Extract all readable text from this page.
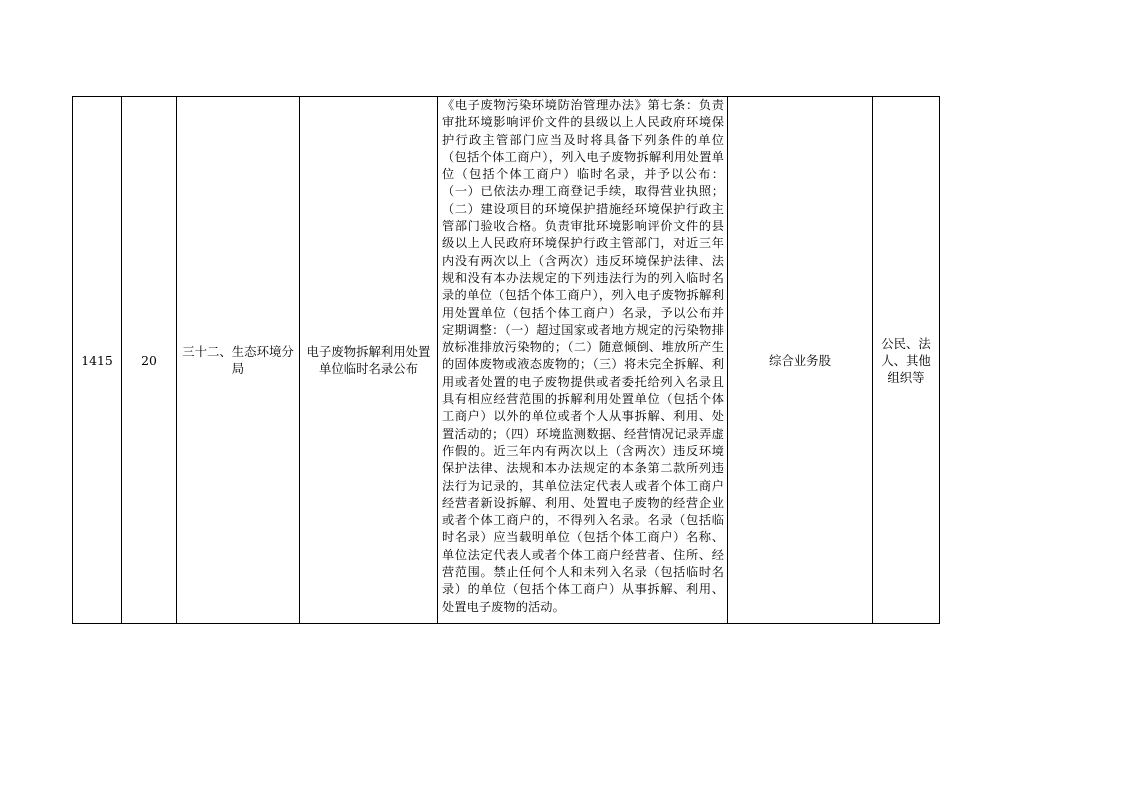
1415	20	三十二、生态环境分局	电子废物拆解利用处置单位临时名录公布	《电子废物污染环境防治管理办法》第七条：负责审批环境影响评价文件的县级以上人民政府环境保护行政主管部门应当及时将具备下列条件的单位（包括个体工商户），列入电子废物拆解利用处置单位（包括个体工商户）临时名录，并予以公布：（一）已依法办理工商登记手续，取得营业执照；（二）建设项目的环境保护措施经环境保护行政主管部门验收合格。负责审批环境影响评价文件的县级以上人民政府环境保护行政主管部门，对近三年内没有两次以上（含两次）违反环境保护法律、法规和没有本办法规定的下列违法行为的列入临时名录的单位（包括个体工商户），列入电子废物拆解利用处置单位（包括个体工商户）名录，予以公布并定期调整：（一）超过国家或者地方规定的污染物排放标准排放污染物的；（二）随意倾倒、堆放所产生的固体废物或液态废物的；（三）将未完全拆解、利用或者处置的电子废物提供或者委托给列入名录且具有相应经营范围的拆解利用处置单位（包括个体工商户）以外的单位或者个人从事拆解、利用、处置活动的；（四）环境监测数据、经营情况记录弄虚作假的。近三年内有两次以上（含两次）违反环境保护法律、法规和本办法规定的本条第二款所列违法行为记录的，其单位法定代表人或者个体工商户经营者新设拆解、利用、处置电子废物的经营企业或者个体工商户的，不得列入名录。名录（包括临时名录）应当载明单位（包括个体工商户）名称、单位法定代表人或者个体工商户经营者、住所、经营范围。禁止任何个人和未列入名录（包括临时名录）的单位（包括个体工商户）从事拆解、利用、处置电子废物的活动。	综合业务股	公民、法人、其他组织等
